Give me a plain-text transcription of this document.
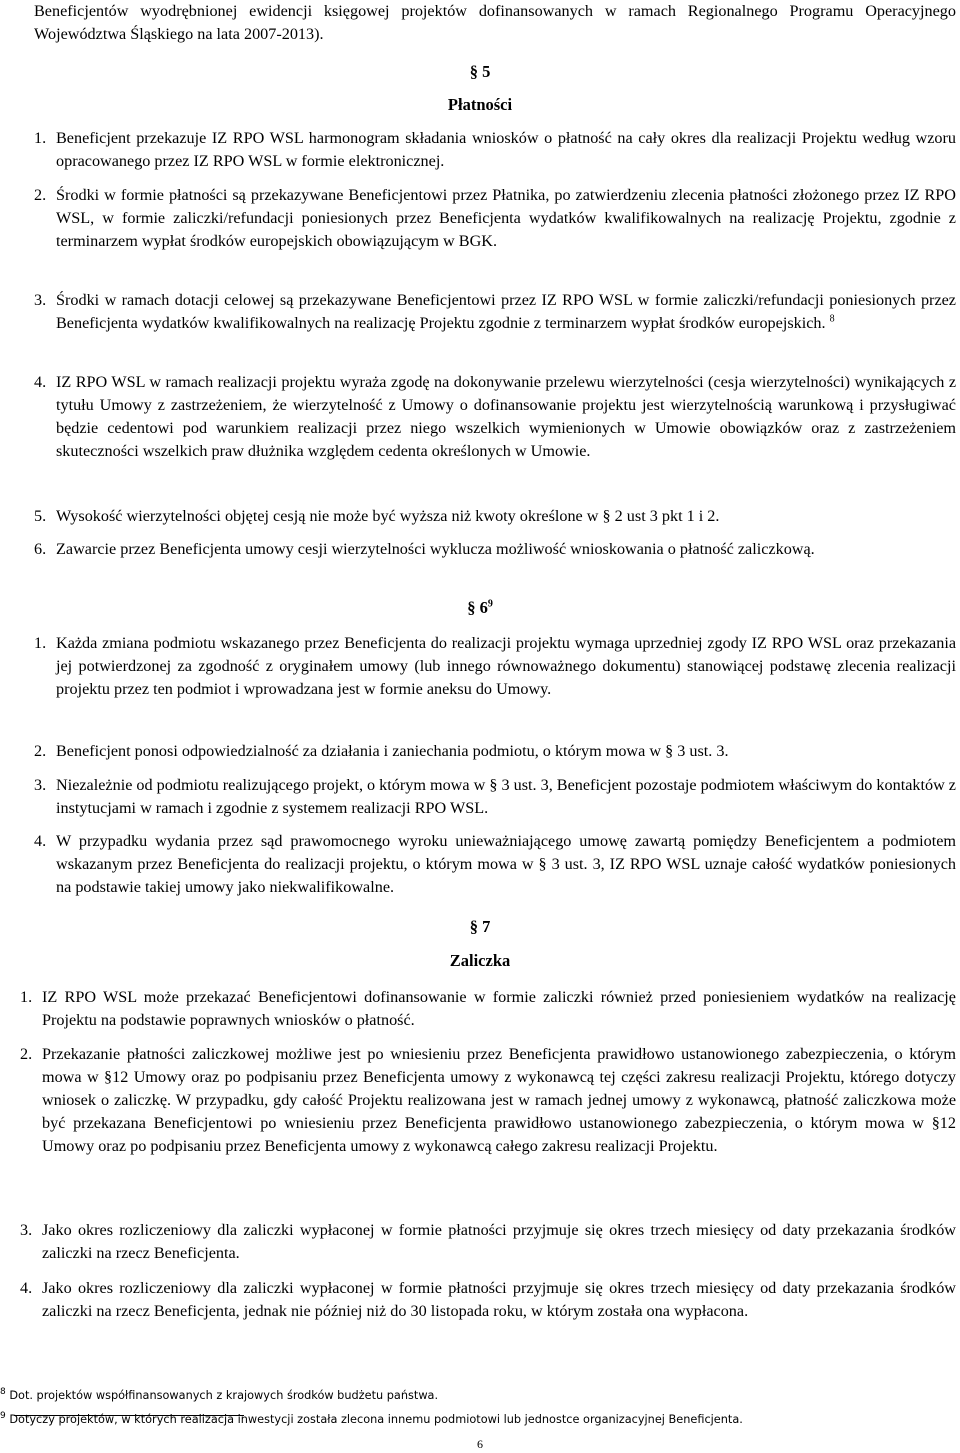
Beneficjentów wyodrębnionej ewidencji księgowej projektów dofinansowanych w ramach Regionalnego Programu Operacyjnego Województwa Śląskiego na lata 2007-2013).
§ 5
Płatności
1. Beneficjent przekazuje IZ RPO WSL harmonogram składania wniosków o płatność na cały okres dla realizacji Projektu według wzoru opracowanego przez IZ RPO WSL w formie elektronicznej.
2. Środki w formie płatności są przekazywane Beneficjentowi przez Płatnika, po zatwierdzeniu zlecenia płatności złożonego przez IZ RPO WSL, w formie zaliczki/refundacji poniesionych przez Beneficjenta wydatków kwalifikowalnych na realizację Projektu, zgodnie z terminarzem wypłat środków europejskich obowiązującym w BGK.
3. Środki w ramach dotacji celowej są przekazywane Beneficjentowi przez IZ RPO WSL w formie zaliczki/refundacji poniesionych przez Beneficjenta wydatków kwalifikowalnych na realizację Projektu zgodnie z terminarzem wypłat środków europejskich. $^8$
4. IZ RPO WSL w ramach realizacji projektu wyraża zgodę na dokonywanie przelewu wierzytelności (cesja wierzytelności) wynikających z tytułu Umowy z zastrzeżeniem, że wierzytelność z Umowy o dofinansowanie projektu jest wierzytelnością warunkową i przysługiwać będzie cedentowi pod warunkiem realizacji przez niego wszelkich wymienionych w Umowie obowiązków oraz z zastrzeżeniem skuteczności wszelkich praw dłużnika względem cedenta określonych w Umowie.
5. Wysokość wierzytelności objętej cesją nie może być wyższa niż kwoty określone w § 2 ust 3 pkt 1 i 2.
6. Zawarcie przez Beneficjenta umowy cesji wierzytelności wyklucza możliwość wnioskowania o płatność zaliczkową.
§ $6^9$
1. Każda zmiana podmiotu wskazanego przez Beneficjenta do realizacji projektu wymaga uprzedniej zgody IZ RPO WSL oraz przekazania jej potwierdzonej za zgodność z oryginałem umowy (lub innego równoważnego dokumentu) stanowiącej podstawę zlecenia realizacji projektu przez ten podmiot i wprowadzana jest w formie aneksu do Umowy.
2. Beneficjent ponosi odpowiedzialność za działania i zaniechania podmiotu, o którym mowa w § 3 ust. 3.
3. Niezależnie od podmiotu realizującego projekt, o którym mowa w § 3 ust. 3, Beneficjent pozostaje podmiotem właściwym do kontaktów z instytucjami w ramach i zgodnie z systemem realizacji RPO WSL.
4. W przypadku wydania przez sąd prawomocnego wyroku unieważniającego umowę zawartą pomiędzy Beneficjentem a podmiotem wskazanym przez Beneficjenta do realizacji projektu, o którym mowa w § 3 ust. 3, IZ RPO WSL uznaje całość wydatków poniesionych na podstawie takiej umowy jako niekwalifikowalne.
§ 7
Zaliczka
1. IZ RPO WSL może przekazać Beneficjentowi dofinansowanie w formie zaliczki również przed poniesieniem wydatków na realizację Projektu na podstawie poprawnych wniosków o płatność.
2. Przekazanie płatności zaliczkowej możliwe jest po wniesieniu przez Beneficjenta prawidłowo ustanowionego zabezpieczenia, o którym mowa w §12 Umowy oraz po podpisaniu przez Beneficjenta umowy z wykonawcą tej części zakresu realizacji Projektu, którego dotyczy wniosek o zaliczkę. W przypadku, gdy całość Projektu realizowana jest w ramach jednej umowy z wykonawcą, płatność zaliczkowa może być przekazana Beneficjentowi po wniesieniu przez Beneficjenta prawidłowo ustanowionego zabezpieczenia, o którym mowa w §12 Umowy oraz po podpisaniu przez Beneficjenta umowy z wykonawcą całego zakresu realizacji Projektu.
3. Jako okres rozliczeniowy dla zaliczki wypłaconej w formie płatności przyjmuje się okres trzech miesięcy od daty przekazania środków zaliczki na rzecz Beneficjenta.
4. Jako okres rozliczeniowy dla zaliczki wypłaconej w formie płatności przyjmuje się okres trzech miesięcy od daty przekazania środków zaliczki na rzecz Beneficjenta, jednak nie później niż do 30 listopada roku, w którym została ona wypłacona.
$^8$ Dot. projektów współfinansowanych z krajowych środków budżetu państwa.
$^9$ Dotyczy projektów, w których realizacja inwestycji została zlecona innemu podmiotowi lub jednostce organizacyjnej Beneficjenta.
6
